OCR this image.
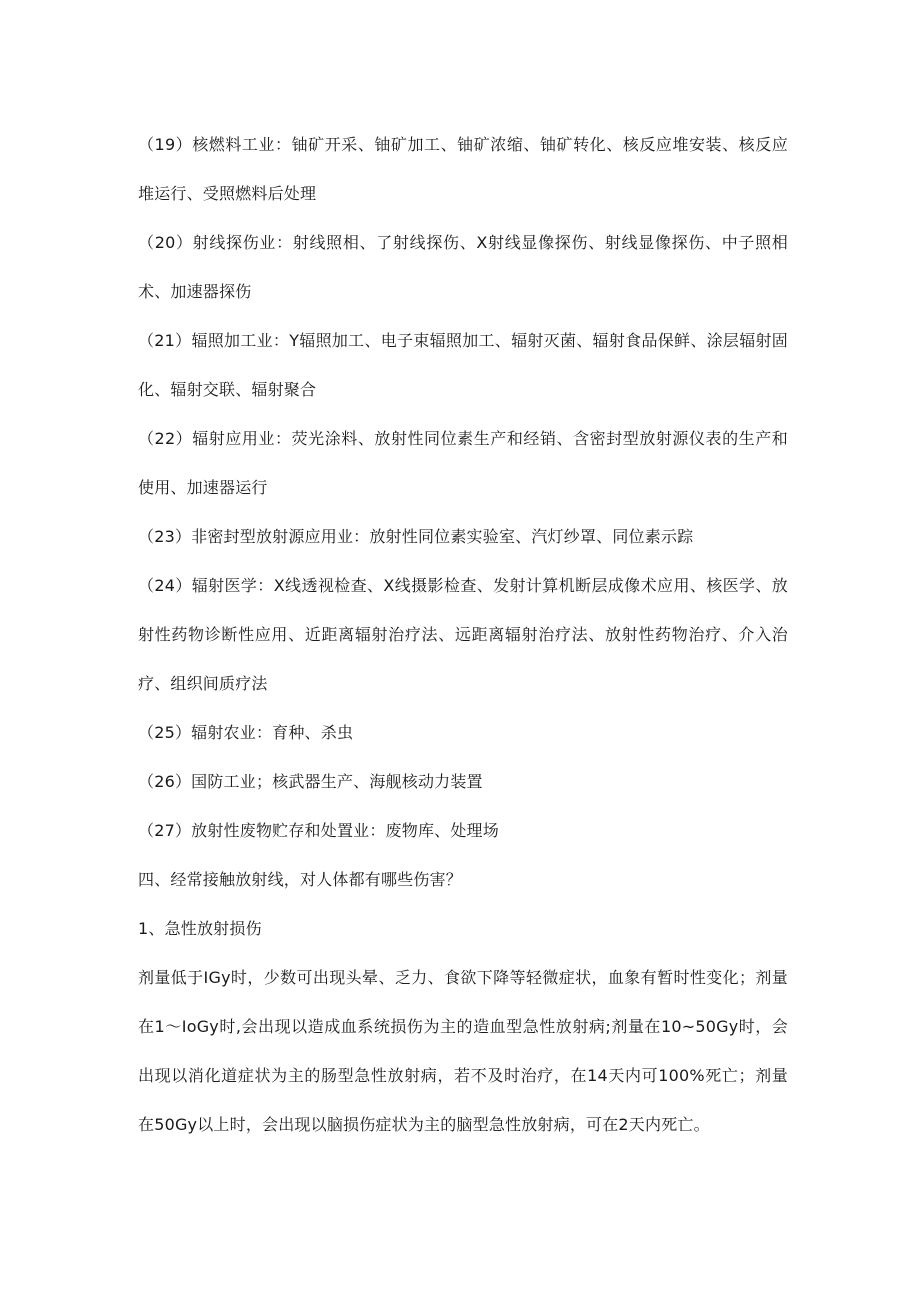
（19）核燃料工业：铀矿开采、铀矿加工、铀矿浓缩、铀矿转化、核反应堆安装、核反应堆运行、受照燃料后处理

（20）射线探伤业：射线照相、了射线探伤、X射线显像探伤、射线显像探伤、中子照相术、加速器探伤

（21）辐照加工业：Y辐照加工、电子束辐照加工、辐射灭菌、辐射食品保鲜、涂层辐射固化、辐射交联、辐射聚合

（22）辐射应用业：荧光涂料、放射性同位素生产和经销、含密封型放射源仪表的生产和使用、加速器运行

（23）非密封型放射源应用业：放射性同位素实验室、汽灯纱罩、同位素示踪

（24）辐射医学：X线透视检查、X线摄影检查、发射计算机断层成像术应用、核医学、放射性药物诊断性应用、近距离辐射治疗法、远距离辐射治疗法、放射性药物治疗、介入治疗、组织间质疗法

（25）辐射农业：育种、杀虫

（26）国防工业；核武器生产、海舰核动力装置

（27）放射性废物贮存和处置业：废物库、处理场

四、经常接触放射线，对人体都有哪些伤害？

1、急性放射损伤

剂量低于IGy时，少数可出现头晕、乏力、食欲下降等轻微症状，血象有暂时性变化；剂量在1～IoGy时,会出现以造成血系统损伤为主的造血型急性放射病;剂量在10~50Gy时，会出现以消化道症状为主的肠型急性放射病，若不及时治疗，在14天内可100%死亡；剂量在50Gy以上时，会出现以脑损伤症状为主的脑型急性放射病，可在2天内死亡。
